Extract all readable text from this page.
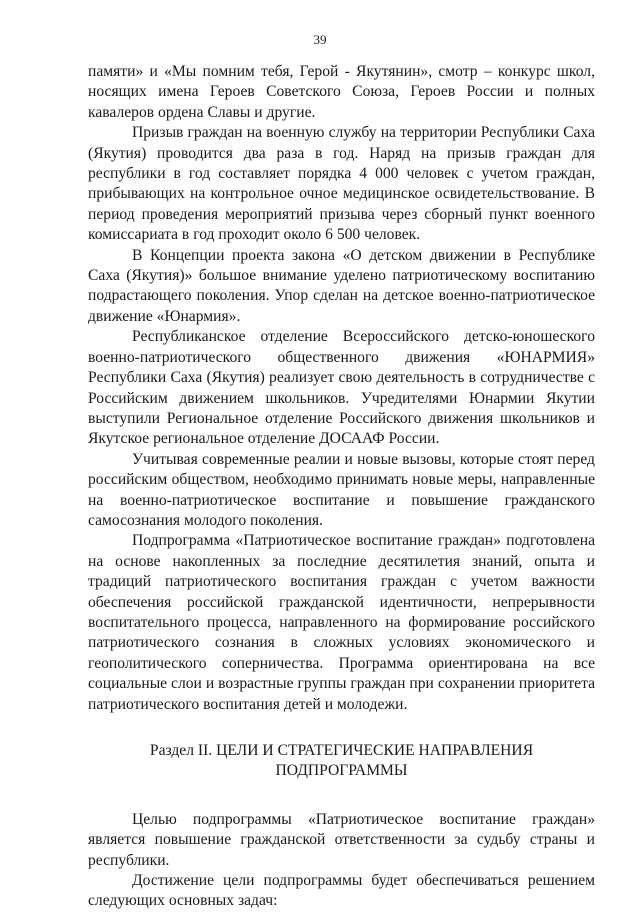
39

памяти» и «Мы помним тебя, Герой - Якутянин», смотр – конкурс школ, носящих имена Героев Советского Союза, Героев России и полных кавалеров ордена Славы и другие.

Призыв граждан на военную службу на территории Республики Саха (Якутия) проводится два раза в год. Наряд на призыв граждан для республики в год составляет порядка 4 000 человек с учетом граждан, прибывающих на контрольное очное медицинское освидетельствование. В период проведения мероприятий призыва через сборный пункт военного комиссариата в год проходит около 6 500 человек.

В Концепции проекта закона «О детском движении в Республике Саха (Якутия)» большое внимание уделено патриотическому воспитанию подрастающего поколения. Упор сделан на детское военно-патриотическое движение «Юнармия».

Республиканское отделение Всероссийского детско-юношеского военно-патриотического общественного движения «ЮНАРМИЯ» Республики Саха (Якутия) реализует свою деятельность в сотрудничестве с Российским движением школьников. Учредителями Юнармии Якутии выступили Региональное отделение Российского движения школьников и Якутское региональное отделение ДОСААФ России.

Учитывая современные реалии и новые вызовы, которые стоят перед российским обществом, необходимо принимать новые меры, направленные на военно-патриотическое воспитание и повышение гражданского самосознания молодого поколения.

Подпрограмма «Патриотическое воспитание граждан» подготовлена на основе накопленных за последние десятилетия знаний, опыта и традиций патриотического воспитания граждан с учетом важности обеспечения российской гражданской идентичности, непрерывности воспитательного процесса, направленного на формирование российского патриотического сознания в сложных условиях экономического и геополитического соперничества. Программа ориентирована на все социальные слои и возрастные группы граждан при сохранении приоритета патриотического воспитания детей и молодежи.

Раздел II. ЦЕЛИ И СТРАТЕГИЧЕСКИЕ НАПРАВЛЕНИЯ
ПОДПРОГРАММЫ

Целью подпрограммы «Патриотическое воспитание граждан» является повышение гражданской ответственности за судьбу страны и республики.

Достижение цели подпрограммы будет обеспечиваться решением следующих основных задач:
